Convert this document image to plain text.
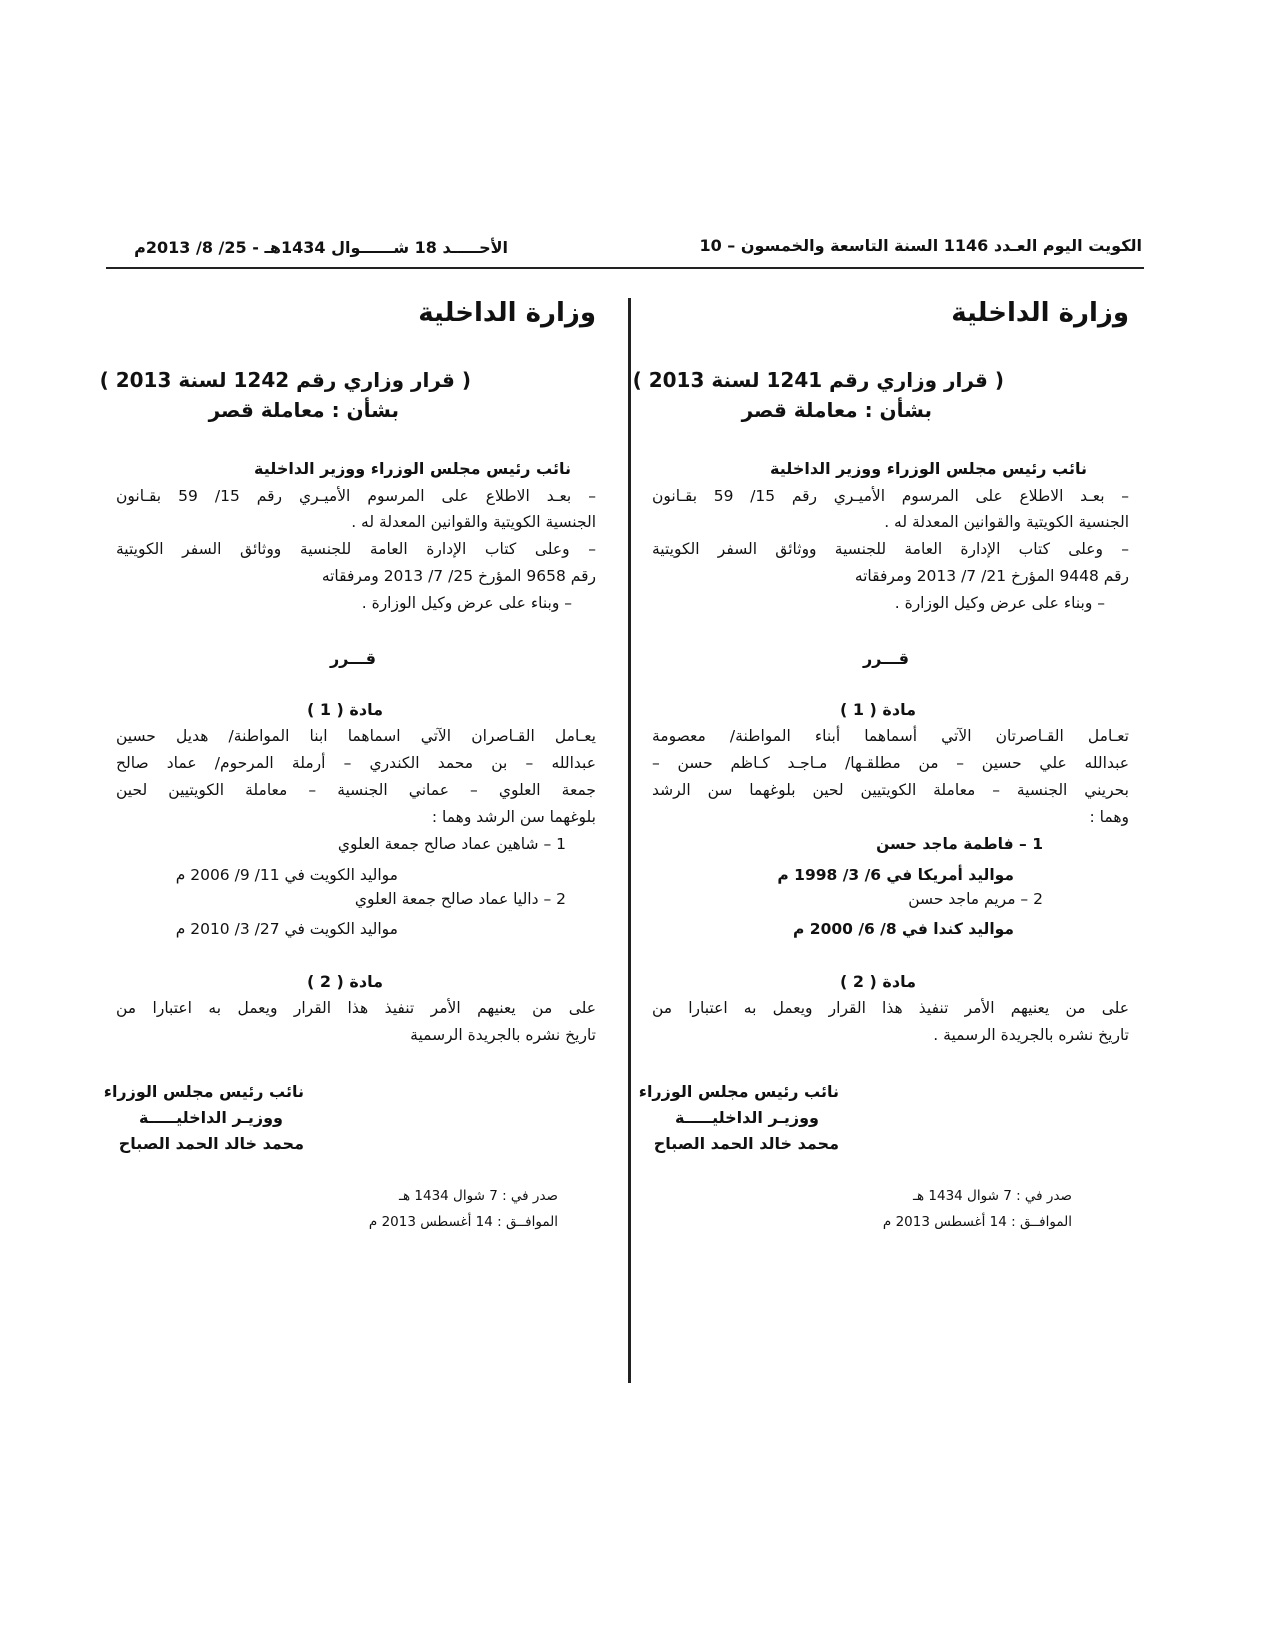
الكويت اليوم العـدد 1146 السنة التاسعة والخمسون – 10
الأحـــــد 18 شــــــوال 1434هـ - 25/ 8/ 2013م
وزارة الداخلية
( قرار وزاري رقم 1241 لسنة 2013 )
بشأن : معاملة قصر
نائب رئيس مجلس الوزراء ووزير الداخلية
– بعـد الاطلاع على المرسوم الأميـري رقم 15/ 59 بقـانون
الجنسية الكويتية والقوانين المعدلة له .
– وعلى كتاب الإدارة العامة للجنسية ووثائق السفر الكويتية
رقم 9448 المؤرخ 21/ 7/ 2013 ومرفقاته
– وبناء على عرض وكيل الوزارة .
قـــرر
مادة ( 1 )
تعـامل القـاصرتان الآتي أسماهما أبناء المواطنة/ معصومة
عبدالله علي حسين – من مطلقـها/ مـاجـد كـاظم حسن –
بحريني الجنسية – معاملة الكويتيين لحين بلوغهما سن الرشد
وهما :
1 – فاطمة ماجد حسن
مواليد أمريكا في 6/ 3/ 1998 م
2 – مريم ماجد حسن
مواليد كندا في 8/ 6/ 2000 م
مادة ( 2 )
على من يعنيهم الأمر تنفيذ هذا القرار ويعمل به اعتبارا من
تاريخ نشره بالجريدة الرسمية .
نائب رئيس مجلس الوزراء
ووزيـر الداخليـــــة
محمد خالد الحمد الصباح
صدر في : 7 شوال 1434 هـ
الموافــق : 14 أغسطس 2013 م
وزارة الداخلية
( قرار وزاري رقم 1242 لسنة 2013 )
بشأن : معاملة قصر
نائب رئيس مجلس الوزراء ووزير الداخلية
– بعـد الاطلاع على المرسوم الأميـري رقم 15/ 59 بقـانون
الجنسية الكويتية والقوانين المعدلة له .
– وعلى كتاب الإدارة العامة للجنسية ووثائق السفر الكويتية
رقم 9658 المؤرخ 25/ 7/ 2013 ومرفقاته
– وبناء على عرض وكيل الوزارة .
قـــرر
مادة ( 1 )
يعـامل القـاصران الآتي اسماهما ابنا المواطنة/ هديل حسين
عبدالله – بن محمد الكندري – أرملة المرحوم/ عماد صالح
جمعة العلوي – عماني الجنسية – معاملة الكويتيين لحين
بلوغهما سن الرشد وهما :
1 – شاهين عماد صالح جمعة العلوي
مواليد الكويت في 11/ 9/ 2006 م
2 – داليا عماد صالح جمعة العلوي
مواليد الكويت في 27/ 3/ 2010 م
مادة ( 2 )
على من يعنيهم الأمر تنفيذ هذا القرار ويعمل به اعتبارا من
تاريخ نشره بالجريدة الرسمية
نائب رئيس مجلس الوزراء
ووزيـر الداخليـــــة
محمد خالد الحمد الصباح
صدر في : 7 شوال 1434 هـ
الموافــق : 14 أغسطس 2013 م
